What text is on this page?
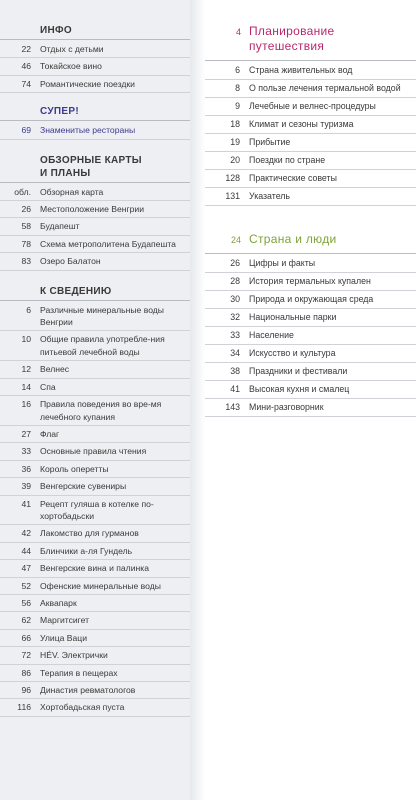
ИНФО
22	Отдых с детьми
46	Токайское вино
74	Романтические поездки
СУПЕР!
69	Знаменитые рестораны
ОБЗОРНЫЕ КАРТЫ И ПЛАНЫ
обл.	Обзорная карта
26	Местоположение Венгрии
58	Будапешт
78	Схема метрополитена Будапешта
83	Озеро Балатон
К СВЕДЕНИЮ
6	Различные минеральные воды Венгрии
10	Общие правила употребле-ния питьевой лечебной воды
12	Велнес
14	Спа
16	Правила поведения во вре-мя лечебного купания
27	Флаг
33	Основные правила чтения
36	Король оперетты
39	Венгерские сувениры
41	Рецепт гуляша в котелке по-хортобадьски
42	Лакомство для гурманов
44	Блинчики а-ля Гундель
47	Венгерские вина и палинка
52	Офенские минеральные воды
56	Аквапарк
62	Маргитсигет
66	Улица Ваци
72	HÉV. Электрички
86	Терапия в пещерах
96	Династия ревматологов
116	Хортобадьская пуста
4 Планирование путешествия
6	Страна живительных вод
8	О пользе лечения термальной водой
9	Лечебные и велнес-процедуры
18	Климат и сезоны туризма
19	Прибытие
20	Поездки по стране
128	Практические советы
131	Указатель
24 Страна и люди
26	Цифры и факты
28	История термальных купален
30	Природа и окружающая среда
32	Национальные парки
33	Население
34	Искусство и культура
38	Праздники и фестивали
41	Высокая кухня и смалец
143	Мини-разговорник
